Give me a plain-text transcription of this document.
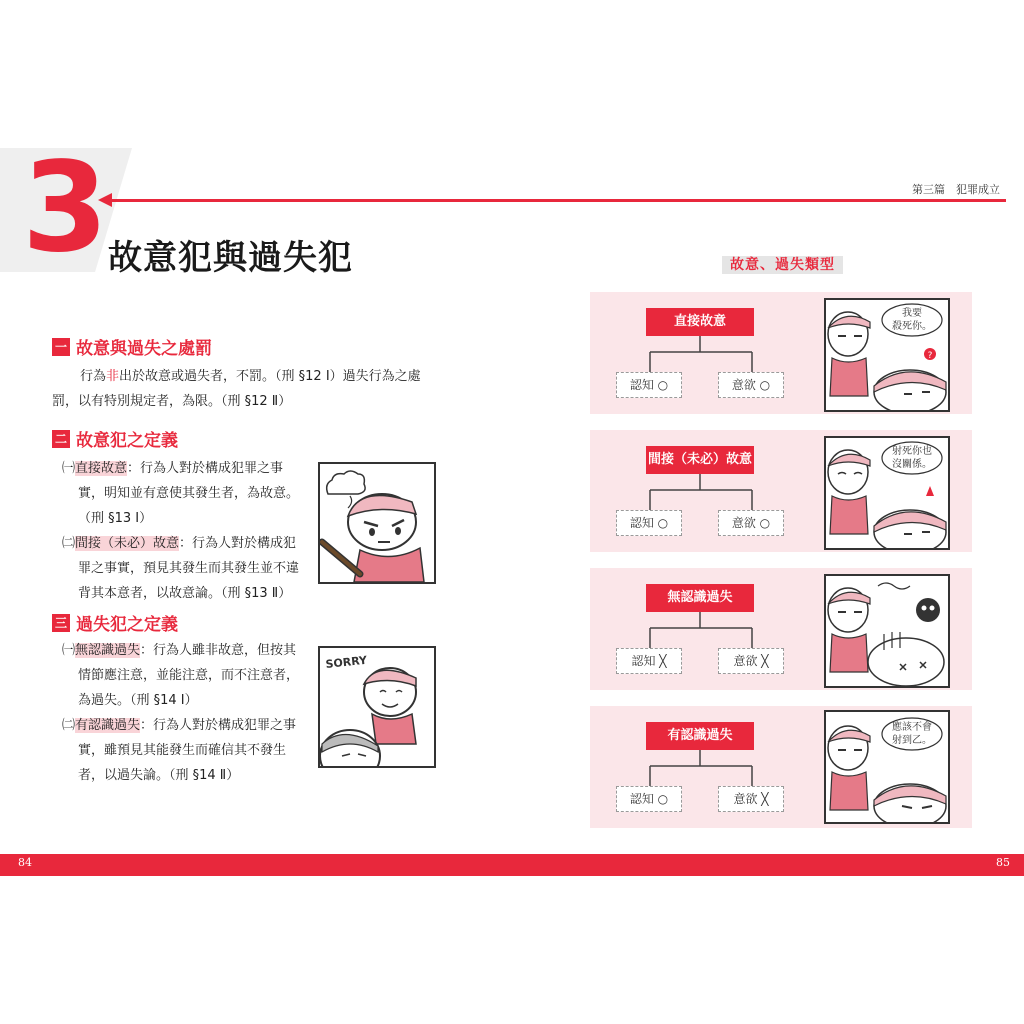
3	第三篇　犯罪成立
故意犯與過失犯
一 故意與過失之處罰
行為非出於故意或過失者，不罰。（刑 §12 Ⅰ）過失行為之處
罰，以有特別規定者，為限。（刑 §12 Ⅱ）
二 故意犯之定義
㈠直接故意：行為人對於構成犯罪之事
實，明知並有意使其發生者，為故意。
（刑 §13 Ⅰ）
㈡間接（未必）故意：行為人對於構成犯
罪之事實，預見其發生而其發生並不違
背其本意者，以故意論。（刑 §13 Ⅱ）
三 過失犯之定義
㈠無認識過失：行為人雖非故意，但按其
情節應注意，並能注意，而不注意者，
為過失。（刑 §14 Ⅰ）
㈡有認識過失：行為人對於構成犯罪之事
實，雖預見其能發生而確信其不發生
者，以過失論。（刑 §14 Ⅱ）
SORRY
故意、過失類型
直接故意
認知 ○	意欲 ○
我要
殺死你。
?
間接（未必）故意
認知 ○	意欲 ○
射死你也
沒關係。
無認識過失
認知 ╳	意欲 ╳
有認識過失
認知 ○	意欲 ╳
應該不會
射到乙。
84	85
